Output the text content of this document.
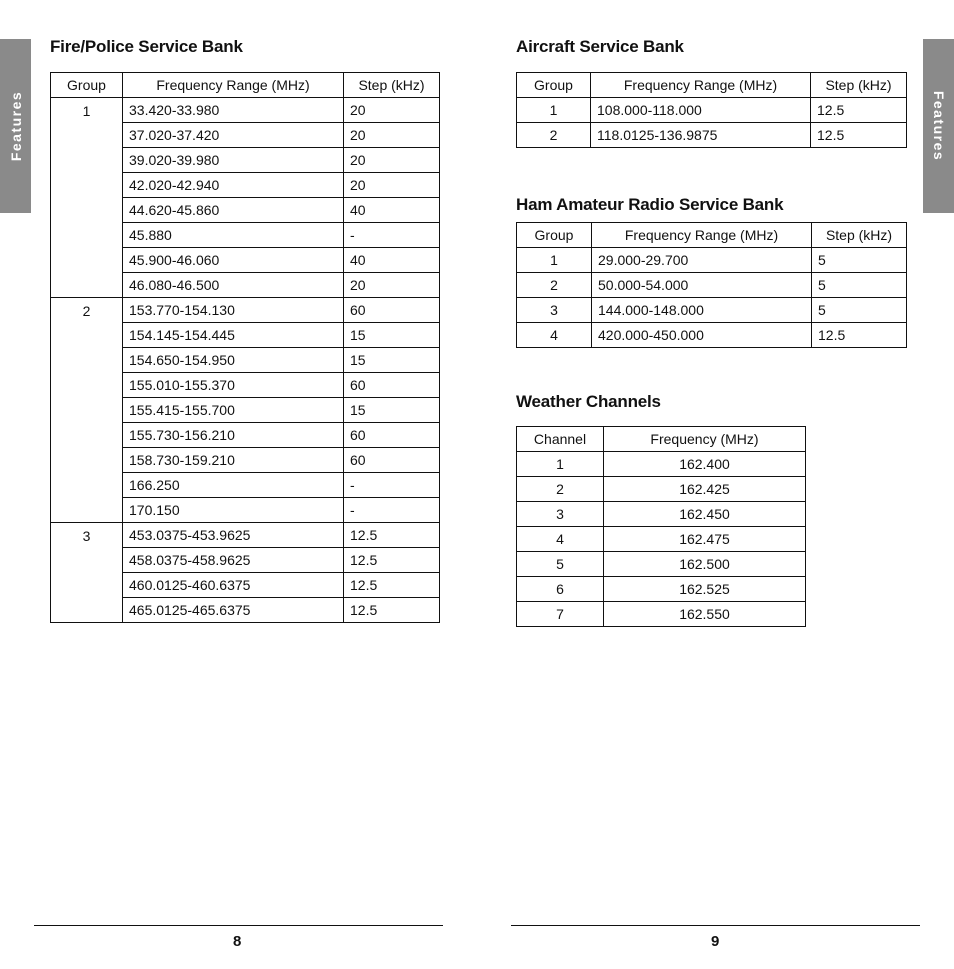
Features	Features
Fire/Police Service Bank
Group	Frequency Range (MHz)	Step (kHz)
1	33.420-33.980	20
	37.020-37.420	20
	39.020-39.980	20
	42.020-42.940	20
	44.620-45.860	40
	45.880	-
	45.900-46.060	40
	46.080-46.500	20
2	153.770-154.130	60
	154.145-154.445	15
	154.650-154.950	15
	155.010-155.370	60
	155.415-155.700	15
	155.730-156.210	60
	158.730-159.210	60
	166.250	-
	170.150	-
3	453.0375-453.9625	12.5
	458.0375-458.9625	12.5
	460.0125-460.6375	12.5
	465.0125-465.6375	12.5
Aircraft Service Bank
Group	Frequency Range (MHz)	Step (kHz)
1	108.000-118.000	12.5
2	118.0125-136.9875	12.5
Ham Amateur Radio Service Bank
Group	Frequency Range (MHz)	Step (kHz)
1	29.000-29.700	5
2	50.000-54.000	5
3	144.000-148.000	5
4	420.000-450.000	12.5
Weather Channels
Channel	Frequency (MHz)
1	162.400
2	162.425
3	162.450
4	162.475
5	162.500
6	162.525
7	162.550
8	9
